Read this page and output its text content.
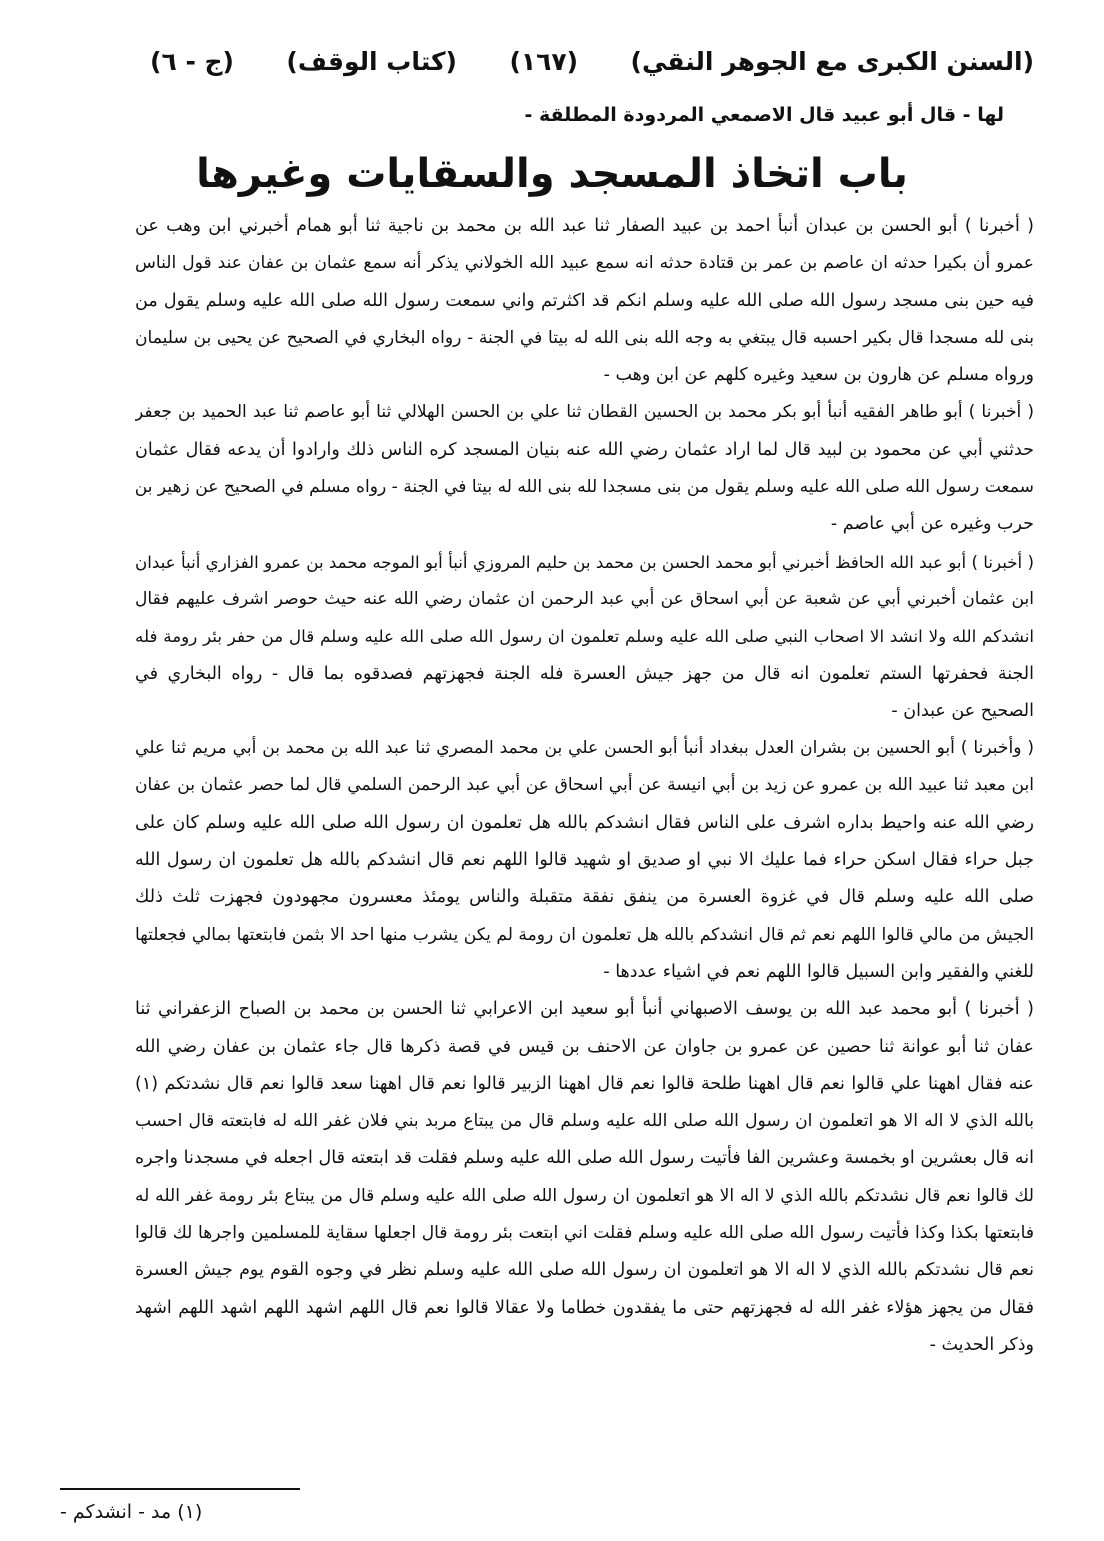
(السنن الكبرى مع الجوهر النقي)
(١٦٧)
(كتاب الوقف)
(ج - ٦)
لها - قال أبو عبيد قال الاصمعي المردودة المطلقة -
باب اتخاذ المسجد والسقايات وغيرها
( أخبرنا ) أبو الحسن بن عبدان أنبأ احمد بن عبيد الصفار ثنا عبد الله بن محمد بن ناجية ثنا أبو همام أخبرني ابن وهب عن
عمرو أن بكيرا حدثه ان عاصم بن عمر بن قتادة حدثه انه سمع عبيد الله الخولاني يذكر أنه سمع عثمان بن عفان عند قول الناس
فيه حين بنى مسجد رسول الله صلى الله عليه وسلم انكم قد اكثرتم واني سمعت رسول الله صلى الله عليه وسلم يقول من
بنى لله مسجدا قال بكير احسبه قال يبتغي به وجه الله بنى الله له بيتا في الجنة - رواه البخاري في الصحيح عن يحيى بن سليمان
ورواه مسلم عن هارون بن سعيد وغيره كلهم عن ابن وهب -
( أخبرنا ) أبو طاهر الفقيه أنبأ أبو بكر محمد بن الحسين القطان ثنا علي بن الحسن الهلالي ثنا أبو عاصم ثنا عبد الحميد بن جعفر
حدثني أبي عن محمود بن لبيد قال لما اراد عثمان رضي الله عنه بنيان المسجد كره الناس ذلك وارادوا أن يدعه فقال عثمان
سمعت رسول الله صلى الله عليه وسلم يقول من بنى مسجدا لله بنى الله له بيتا في الجنة - رواه مسلم في الصحيح عن زهير بن
حرب وغيره عن أبي عاصم -
( أخبرنا ) أبو عبد الله الحافظ أخبرني أبو محمد الحسن بن محمد بن حليم المروزي أنبأ أبو الموجه محمد بن عمرو الفزاري أنبأ عبدان
ابن عثمان أخبرني أبي عن شعبة عن أبي اسحاق عن أبي عبد الرحمن ان عثمان رضي الله عنه حيث حوصر اشرف عليهم فقال
انشدكم الله ولا انشد الا اصحاب النبي صلى الله عليه وسلم تعلمون ان رسول الله صلى الله عليه وسلم قال من حفر بئر رومة فله
الجنة فحفرتها الستم تعلمون انه قال من جهز جيش العسرة فله الجنة فجهزتهم فصدقوه بما قال - رواه البخاري في
الصحيح عن عبدان -
( وأخبرنا ) أبو الحسين بن بشران العدل ببغداد أنبأ أبو الحسن علي بن محمد المصري ثنا عبد الله بن محمد بن أبي مريم ثنا علي
ابن معبد ثنا عبيد الله بن عمرو عن زيد بن أبي انيسة عن أبي اسحاق عن أبي عبد الرحمن السلمي قال لما حصر عثمان بن عفان
رضي الله عنه واحيط بداره اشرف على الناس فقال انشدكم بالله هل تعلمون ان رسول الله صلى الله عليه وسلم كان على
جبل حراء فقال اسكن حراء فما عليك الا نبي او صديق او شهيد قالوا اللهم نعم قال انشدكم بالله هل تعلمون ان رسول الله
صلى الله عليه وسلم قال في غزوة العسرة من ينفق نفقة متقبلة والناس يومئذ معسرون مجهودون فجهزت ثلث ذلك
الجيش من مالي قالوا اللهم نعم ثم قال انشدكم بالله هل تعلمون ان رومة لم يكن يشرب منها احد الا بثمن فابتعتها بمالي فجعلتها
للغني والفقير وابن السبيل قالوا اللهم نعم في اشياء عددها -
( أخبرنا ) أبو محمد عبد الله بن يوسف الاصبهاني أنبأ أبو سعيد ابن الاعرابي ثنا الحسن بن محمد بن الصباح الزعفراني ثنا
عفان ثنا أبو عوانة ثنا حصين عن عمرو بن جاوان عن الاحنف بن قيس في قصة ذكرها قال جاء عثمان بن عفان رضي الله
عنه فقال اههنا علي قالوا نعم قال اههنا طلحة قالوا نعم قال اههنا الزبير قالوا نعم قال اههنا سعد قالوا نعم قال نشدتكم (١)
بالله الذي لا اله الا هو اتعلمون ان رسول الله صلى الله عليه وسلم قال من يبتاع مربد بني فلان غفر الله له فابتعته قال احسب
انه قال بعشرين او بخمسة وعشرين الفا فأتيت رسول الله صلى الله عليه وسلم فقلت قد ابتعته قال اجعله في مسجدنا واجره
لك قالوا نعم قال نشدتكم بالله الذي لا اله الا هو اتعلمون ان رسول الله صلى الله عليه وسلم قال من يبتاع بئر رومة غفر الله له
فابتعتها بكذا وكذا فأتيت رسول الله صلى الله عليه وسلم فقلت اني ابتعت بئر رومة قال اجعلها سقاية للمسلمين واجرها لك قالوا
نعم قال نشدتكم بالله الذي لا اله الا هو اتعلمون ان رسول الله صلى الله عليه وسلم نظر في وجوه القوم يوم جيش العسرة
فقال من يجهز هؤلاء غفر الله له فجهزتهم حتى ما يفقدون خطاما ولا عقالا قالوا نعم قال اللهم اشهد اللهم اشهد اللهم اشهد
وذكر الحديث -
(١) مد - انشدكم -
